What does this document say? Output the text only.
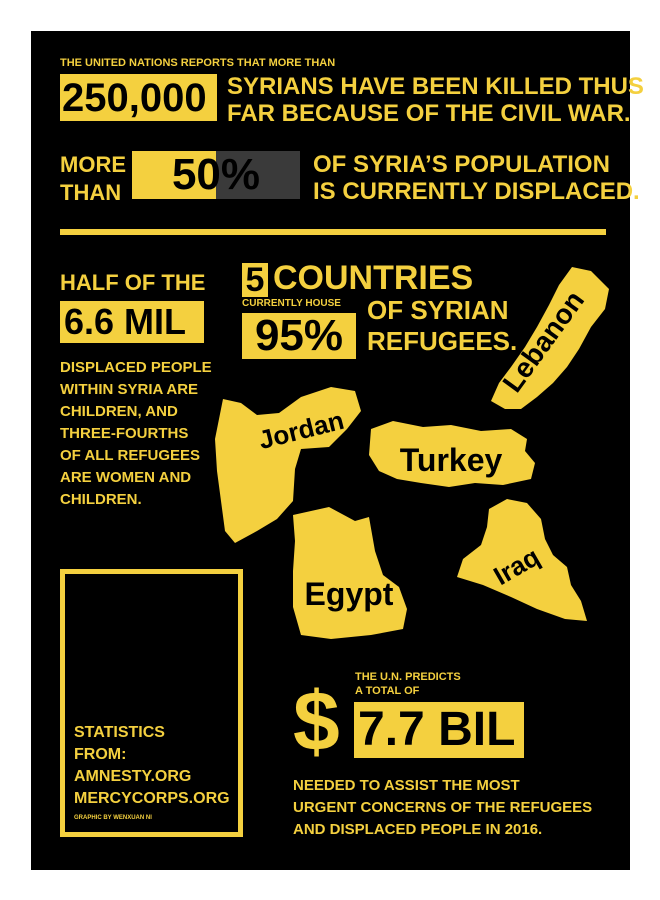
Lebanon
Jordan
Turkey
Egypt
Iraq
THE UNITED NATIONS REPORTS THAT MORE THAN
250,000 SYRIANS HAVE BEEN KILLED THUS
FAR BECAUSE OF THE CIVIL WAR.
MORE
THAN	50%	OF SYRIA’S POPULATION
IS CURRENTLY DISPLACED.
HALF OF THE
6.6 MIL
DISPLACED PEOPLE
WITHIN SYRIA ARE
CHILDREN, AND
THREE-FOURTHS
OF ALL REFUGEES
ARE WOMEN AND
CHILDREN.
5 COUNTRIES
CURRENTLY HOUSE
95%
OF SYRIAN
REFUGEES.
STATISTICS
FROM:
AMNESTY.ORG
MERCYCORPS.ORG
GRAPHIC BY WENXUAN NI
THE U.N. PREDICTS
A TOTAL OF
$ 7.7 BIL
NEEDED TO ASSIST THE MOST
URGENT CONCERNS OF THE REFUGEES
AND DISPLACED PEOPLE IN 2016.
